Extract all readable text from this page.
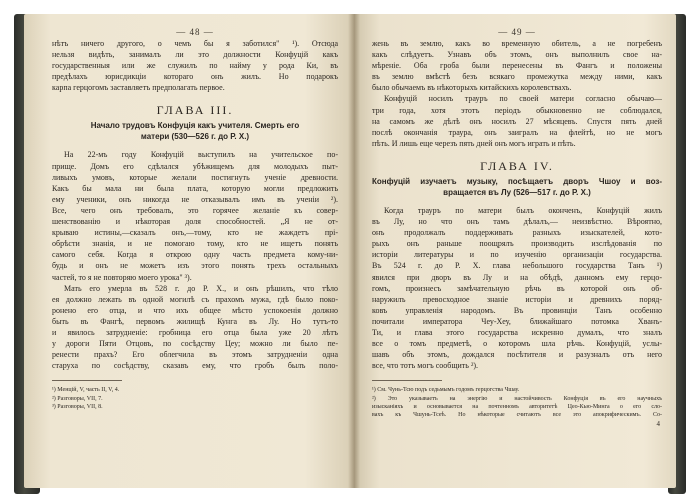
— 48 —
нѣтъ ничего другого, о чемъ бы я заботился" ¹). Отсюда
нельзя видѣть, занималъ ли это должности Конфуцій какъ
государственныя или же служилъ по найму у рода Ки, въ
предѣлахъ юрисдикціи котораго онъ жилъ. Но подарокъ
карпа герцогомъ заставляетъ предполагать первое.
ГЛАВА III.
Начало трудовъ Конфуція какъ учителя. Смерть его
матери (530—526 г. до Р. Х.)
На 22-мъ году Конфуцій выступилъ на учительское по-
прище. Домъ его сдѣлался убѣжищемъ для молодыхъ пыт-
ливыхъ умовъ, которые желали постигнуть ученіе древности.
Какъ бы мала ни была плата, которую могли предложить
ему ученики, онъ никогда не отказывалъ имъ въ ученіи ²).
Все, чего онъ требовалъ, это горячее желаніе къ совер-
шенствованію и нѣкоторая доля способностей. „Я не от-
крываю истины,—сказалъ онъ,—тому, кто не жаждетъ прі-
обрѣсти знанія, и не помогаю тому, кто не ищетъ понять
самого себя. Когда я открою одну часть предмета кому-ни-
будь и онъ не можетъ изъ этого понять трехъ остальныхъ
частей, то я не повторяю моего урока" ³).
Мать его умерла въ 528 г. до Р. Х., и онъ рѣшилъ, что тѣло
ея должно лежать въ одной могилѣ съ прахомъ мужа, гдѣ было поко-
ронено его отца, и что ихъ общее мѣсто успокоенія должно
быть въ Фангѣ, первомъ жилищѣ Кунга въ Лу. Но тутъ-то
и явилось затрудненіе: гробница его отца была уже 20 лѣтъ
у дороги Пяти Отцовъ, по сосѣдству Цеу; можно ли было пе-
ренести прахъ? Его облегчила въ этомъ затрудненіи одна
старуха по сосѣдству, сказавъ ему, что гробъ былъ поло-
¹) Менцій, V, часть II, V, 4.
²) Разговоры, VII, 7.
³) Разговоры, VII, 8.
— 49 —
жень въ землю, какъ во временную обитель, а не погребенъ
какъ слѣдуетъ. Узнавъ объ этомъ, онъ выполнилъ свое на-
мѣреніе. Оба гроба были перенесены въ Фангъ и положены
въ землю вмѣстѣ безъ всякаго промежутка между ними, какъ
было обычаемъ въ нѣкоторыхъ китайскихъ королевствахъ.
Конфуцій носилъ трауръ по своей матери согласно обычаю—
три года, хотя этотъ періодъ обыкновенно не соблюдался,
на самомъ же дѣлѣ онъ носилъ 27 мѣсяцевъ. Спустя пять дней
послѣ окончанія траура, онъ заигралъ на флейтѣ, но не могъ
пѣть. И лишь еще черезъ пять дней онъ могъ играть и пѣть.
ГЛАВА IV.
Конфуцій изучаетъ музыку, посѣщаетъ дворъ Чшоу и воз-
вращается въ Лу (526—517 г. до Р. Х.)
Когда трауръ по матери былъ оконченъ, Конфуцій жилъ
въ Лу, но что онъ тамъ дѣлалъ,— неизвѣстно. Вѣроятно,
онъ продолжалъ поддерживать разныхъ изыскателей, кото-
рыхъ онъ раньше поощрялъ производить изслѣдованія по
исторіи литературы и по изученію организаціи государства.
Въ 524 г. до Р. Х. глава небольшого государства Танъ ¹)
явился при дворъ въ Лу и на обѣдѣ, данномъ ему герцо-
гомъ, произнесъ замѣчательную рѣчь въ которой онъ об-
наружилъ превосходное знаніе исторіи и древнихъ поряд-
ковъ управленія народомъ. Въ провинціи Танъ особенно
почитали императора Чеу-Хеу, ближайшаго потомка Хванъ-
Ти, и глава этого государства искренно думалъ, что зналъ
все о томъ предметѣ, о которомъ шла рѣчь. Конфуцій, услы-
шавъ объ этомъ, дождался посѣтителя и разузналъ отъ него
все, что тотъ могъ сообщить ²).
¹) См. Чунь-Тсю подъ седьмымъ годомъ герцогства Чшау.
²) Это указываетъ на энергію и настойчивость Конфуція въ его научныхъ
изысканіяхъ и основывается на почтенномъ авторитетѣ Цео-Кью-Минга о его сло-
вахъ къ Чшунь-Тсеѣ. Но нѣкоторые считаютъ все это апокрифическимъ. Со-
4
